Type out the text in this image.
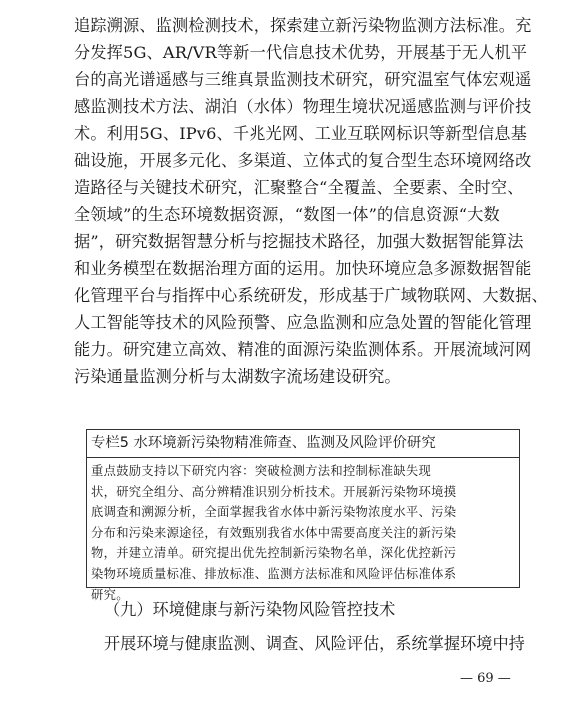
追踪溯源、监测检测技术，探索建立新污染物监测方法标准。充
分发挥5G、AR/VR等新一代信息技术优势，开展基于无人机平
台的高光谱遥感与三维真景监测技术研究，研究温室气体宏观遥
感监测技术方法、湖泊（水体）物理生境状况遥感监测与评价技
术。利用5G、IPv6、千兆光网、工业互联网标识等新型信息基
础设施，开展多元化、多渠道、立体式的复合型生态环境网络改
造路径与关键技术研究，汇聚整合“全覆盖、全要素、全时空、
全领域”的生态环境数据资源，“数图一体”的信息资源“大数
据”，研究数据智慧分析与挖掘技术路径，加强大数据智能算法
和业务模型在数据治理方面的运用。加快环境应急多源数据智能
化管理平台与指挥中心系统研发，形成基于广域物联网、大数据、
人工智能等技术的风险预警、应急监测和应急处置的智能化管理
能力。研究建立高效、精准的面源污染监测体系。开展流域河网
污染通量监测分析与太湖数字流场建设研究。
专栏5 水环境新污染物精准筛查、监测及风险评价研究
重点鼓励支持以下研究内容：突破检测方法和控制标准缺失现
状，研究全组分、高分辨精准识别分析技术。开展新污染物环境摸
底调查和溯源分析，全面掌握我省水体中新污染物浓度水平、污染
分布和污染来源途径，有效甄别我省水体中需要高度关注的新污染
物，并建立清单。研究提出优先控制新污染物名单，深化优控新污
染物环境质量标准、排放标准、监测方法标准和风险评估标准体系
研究。
（九）环境健康与新污染物风险管控技术
开展环境与健康监测、调查、风险评估，系统掌握环境中持
— 69 —
